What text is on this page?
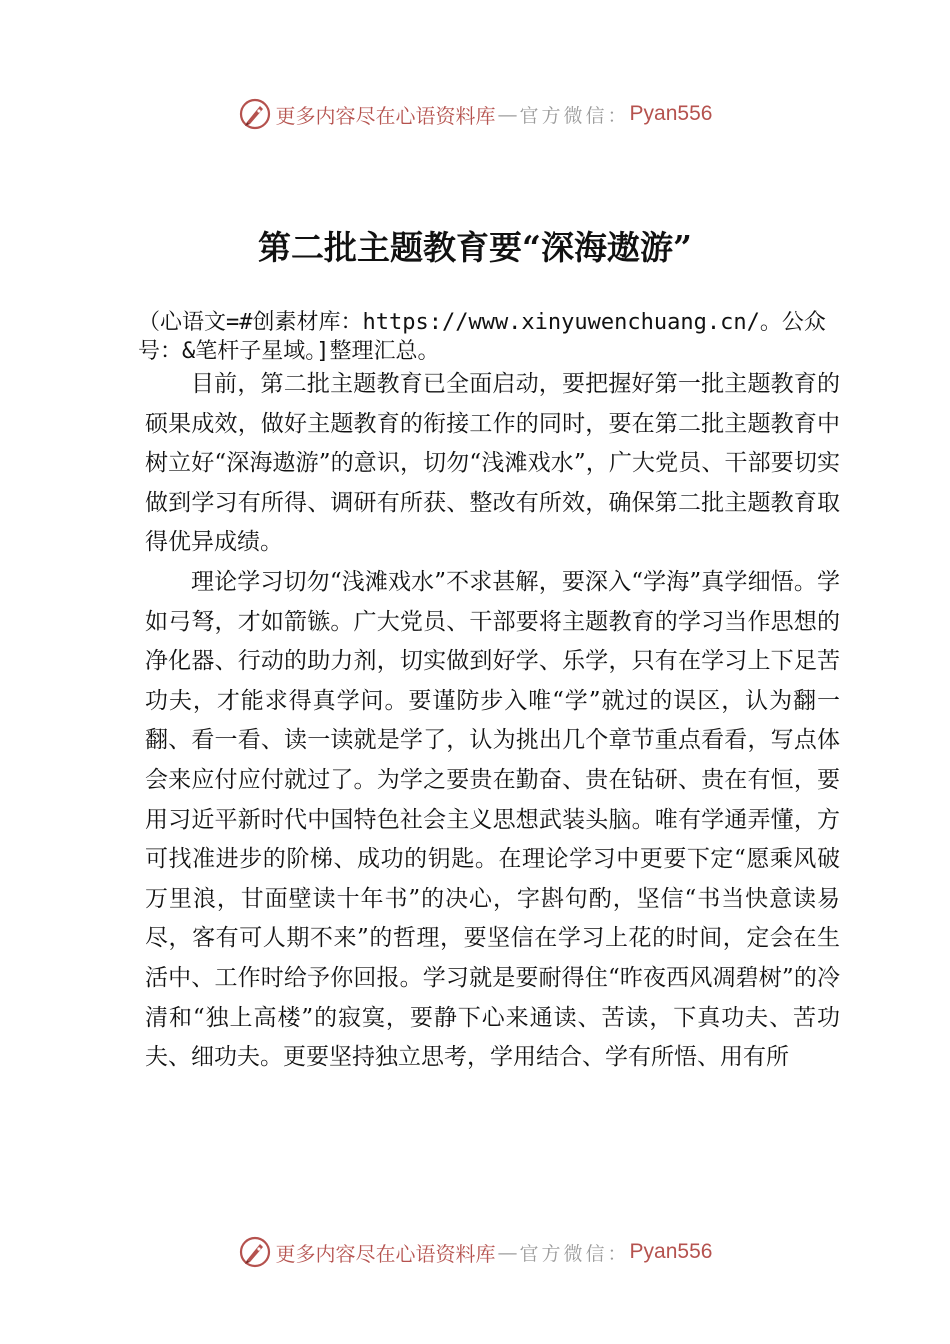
更多内容尽在心语资料库 — 官方微信： Pyan556
第二批主题教育要“深海遨游”
（心语文=#创素材库：https://www.xinyuwenchuang.cn/。公众号：&笔杆子星域。]整理汇总。

目前，第二批主题教育已全面启动，要把握好第一批主题教育的硕果成效，做好主题教育的衔接工作的同时，要在第二批主题教育中树立好“深海遨游”的意识，切勿“浅滩戏水”，广大党员、干部要切实做到学习有所得、调研有所获、整改有所效，确保第二批主题教育取得优异成绩。

理论学习切勿“浅滩戏水”不求甚解，要深入“学海”真学细悟。学如弓弩，才如箭镞。广大党员、干部要将主题教育的学习当作思想的净化器、行动的助力剂，切实做到好学、乐学，只有在学习上下足苦功夫，才能求得真学问。要谨防步入唯“学”就过的误区，认为翻一翻、看一看、读一读就是学了，认为挑出几个章节重点看看，写点体会来应付应付就过了。为学之要贵在勤奋、贵在钻研、贵在有恒，要用习近平新时代中国特色社会主义思想武装头脑。唯有学通弄懂，方可找准进步的阶梯、成功的钥匙。在理论学习中更要下定“愿乘风破万里浪，甘面壁读十年书”的决心，字斟句酌，坚信“书当快意读易尽，客有可人期不来”的哲理，要坚信在学习上花的时间，定会在生活中、工作时给予你回报。学习就是要耐得住“昨夜西风凋碧树”的冷清和“独上高楼”的寂寞，要静下心来通读、苦读，下真功夫、苦功夫、细功夫。更要坚持独立思考，学用结合、学有所悟、用有所

更多内容尽在心语资料库 — 官方微信： Pyan556
